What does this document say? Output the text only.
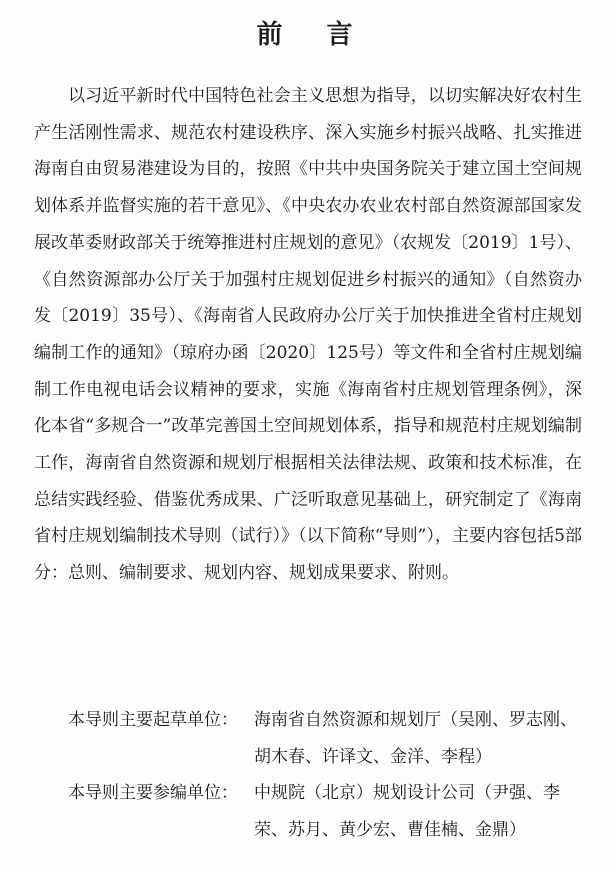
前 言

以习近平新时代中国特色社会主义思想为指导，以切实解决好农村生产生活刚性需求、规范农村建设秩序、深入实施乡村振兴战略、扎实推进海南自由贸易港建设为目的，按照《中共中央国务院关于建立国土空间规划体系并监督实施的若干意见》、《中央农办农业农村部自然资源部国家发展改革委财政部关于统筹推进村庄规划的意见》（农规发〔2019〕1号）、《自然资源部办公厅关于加强村庄规划促进乡村振兴的通知》（自然资办发〔2019〕35号）、《海南省人民政府办公厅关于加快推进全省村庄规划编制工作的通知》（琼府办函〔2020〕125号）等文件和全省村庄规划编制工作电视电话会议精神的要求，实施《海南省村庄规划管理条例》，深化本省“多规合一”改革完善国土空间规划体系，指导和规范村庄规划编制工作，海南省自然资源和规划厅根据相关法律法规、政策和技术标准，在总结实践经验、借鉴优秀成果、广泛听取意见基础上，研究制定了《海南省村庄规划编制技术导则（试行）》（以下简称“导则”），主要内容包括5部分：总则、编制要求、规划内容、规划成果要求、附则。

本导则主要起草单位： 海南省自然资源和规划厅（吴刚、罗志刚、胡木春、许译文、金洋、李程）
本导则主要参编单位： 中规院（北京）规划设计公司（尹强、李荣、苏月、黄少宏、曹佳楠、金鼎）
